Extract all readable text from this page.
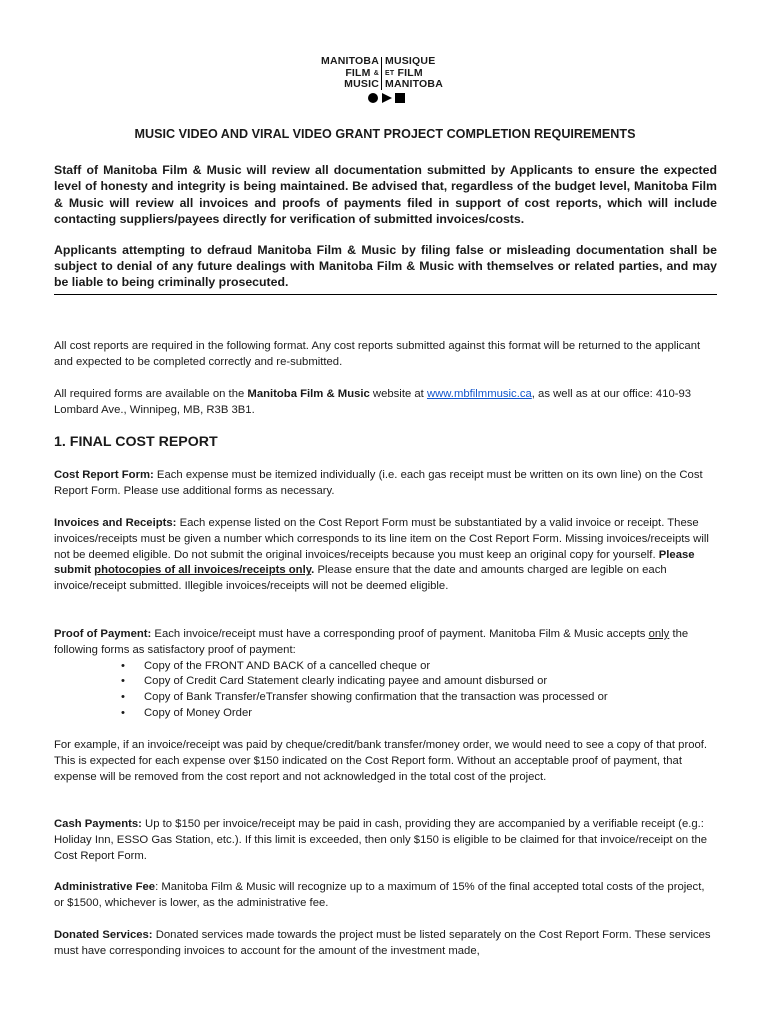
MANITOBA
FILM &
MUSIC
MUSIQUE
ET FILM
MANITOBA
MUSIC VIDEO AND VIRAL VIDEO GRANT PROJECT COMPLETION REQUIREMENTS

Staff of Manitoba Film & Music will review all documentation submitted by Applicants to ensure the expected level of honesty and integrity is being maintained. Be advised that, regardless of the budget level, Manitoba Film & Music will review all invoices and proofs of payments filed in support of cost reports, which will include contacting suppliers/payees directly for verification of submitted invoices/costs.

Applicants attempting to defraud Manitoba Film & Music by filing false or misleading documentation shall be subject to denial of any future dealings with Manitoba Film & Music with themselves or related parties, and may be liable to being criminally prosecuted.

All cost reports are required in the following format. Any cost reports submitted against this format will be returned to the applicant and expected to be completed correctly and re-submitted.

All required forms are available on the Manitoba Film & Music website at www.mbfilmmusic.ca, as well as at our office: 410-93 Lombard Ave., Winnipeg, MB, R3B 3B1.

1. FINAL COST REPORT

Cost Report Form: Each expense must be itemized individually (i.e. each gas receipt must be written on its own line) on the Cost Report Form. Please use additional forms as necessary.

Invoices and Receipts: Each expense listed on the Cost Report Form must be substantiated by a valid invoice or receipt. These invoices/receipts must be given a number which corresponds to its line item on the Cost Report Form. Missing invoices/receipts will not be deemed eligible. Do not submit the original invoices/receipts because you must keep an original copy for yourself. Please submit photocopies of all invoices/receipts only. Please ensure that the date and amounts charged are legible on each invoice/receipt submitted. Illegible invoices/receipts will not be deemed eligible.

Proof of Payment: Each invoice/receipt must have a corresponding proof of payment. Manitoba Film & Music accepts only the following forms as satisfactory proof of payment:

• Copy of the FRONT AND BACK of a cancelled cheque or
• Copy of Credit Card Statement clearly indicating payee and amount disbursed or
• Copy of Bank Transfer/eTransfer showing confirmation that the transaction was processed or
• Copy of Money Order

For example, if an invoice/receipt was paid by cheque/credit/bank transfer/money order, we would need to see a copy of that proof. This is expected for each expense over $150 indicated on the Cost Report form. Without an acceptable proof of payment, that expense will be removed from the cost report and not acknowledged in the total cost of the project.

Cash Payments: Up to $150 per invoice/receipt may be paid in cash, providing they are accompanied by a verifiable receipt (e.g.: Holiday Inn, ESSO Gas Station, etc.). If this limit is exceeded, then only $150 is eligible to be claimed for that invoice/receipt on the Cost Report Form.

Administrative Fee: Manitoba Film & Music will recognize up to a maximum of 15% of the final accepted total costs of the project, or $1500, whichever is lower, as the administrative fee.

Donated Services: Donated services made towards the project must be listed separately on the Cost Report Form. These services must have corresponding invoices to account for the amount of the investment made,
